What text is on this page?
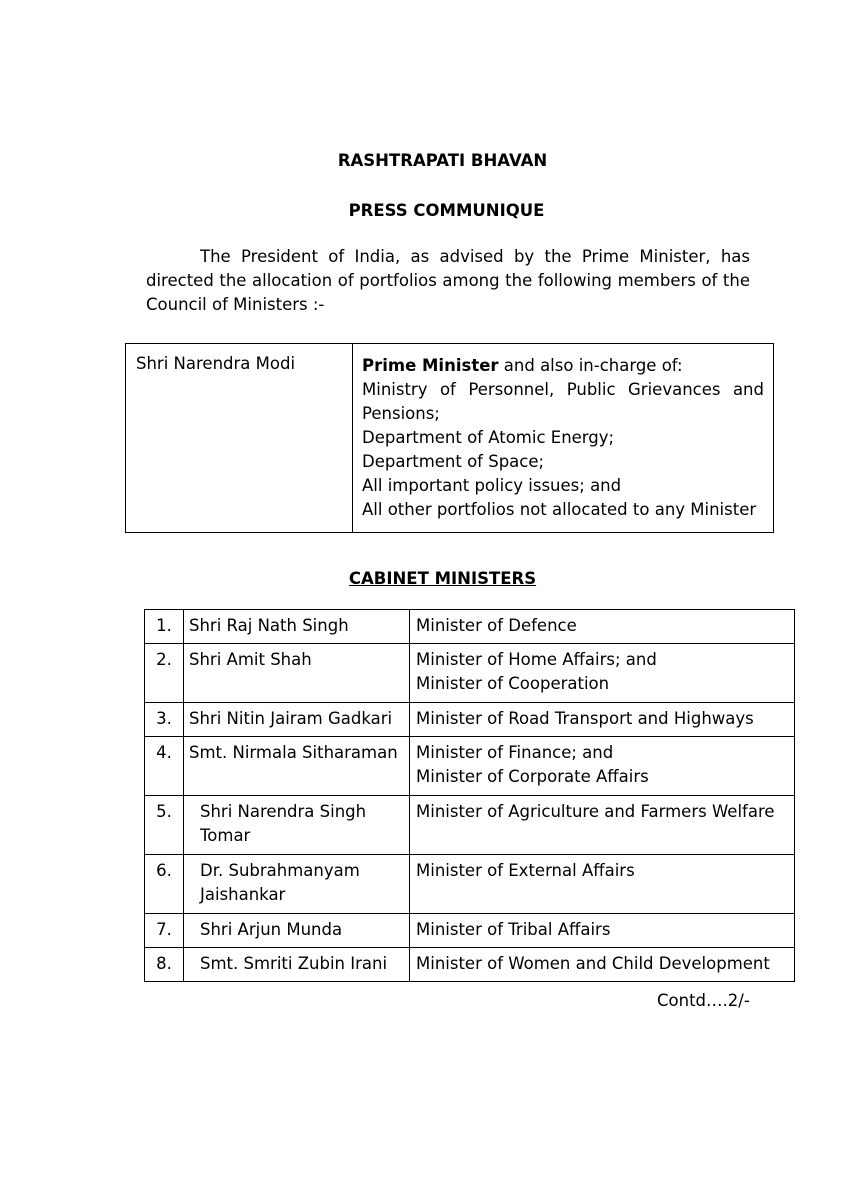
RASHTRAPATI BHAVAN
PRESS COMMUNIQUE
The President of India, as advised by the Prime Minister, has directed the allocation of portfolios among the following members of the Council of Ministers :-
Shri Narendra Modi	Prime Minister and also in-charge of:
Ministry of Personnel, Public Grievances and
Pensions;
Department of Atomic Energy;
Department of Space;
All important policy issues; and
All other portfolios not allocated to any Minister
CABINET MINISTERS
1.	Shri Raj Nath Singh	Minister of Defence

2.	Shri Amit Shah	Minister of Home Affairs; and
Minister of Cooperation

3.	Shri Nitin Jairam Gadkari	Minister of Road Transport and Highways

4.	Smt. Nirmala Sitharaman	Minister of Finance; and
Minister of Corporate Affairs

5.	Shri Narendra Singh
Tomar	Minister of Agriculture and Farmers Welfare

6.	Dr. Subrahmanyam
Jaishankar	Minister of External Affairs

7.	Shri Arjun Munda	Minister of Tribal Affairs

8.	Smt. Smriti Zubin Irani	Minister of Women and Child Development
Contd….2/-
